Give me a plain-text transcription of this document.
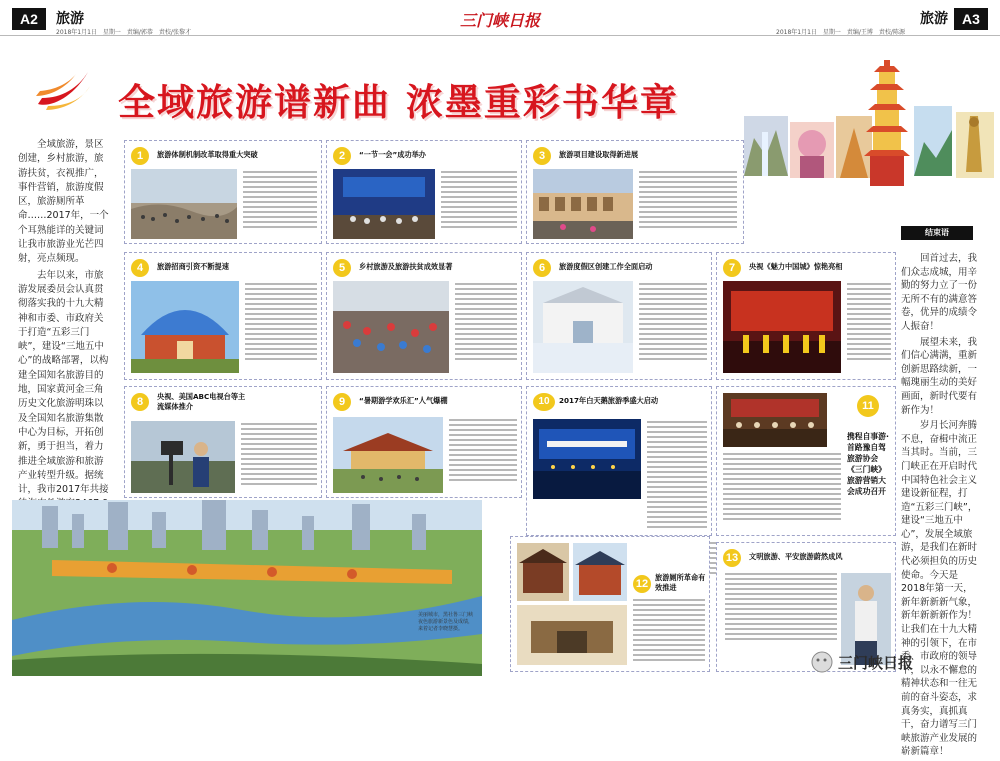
A2	旅游
2018年1月1日　星期一　责编/郭恭　责校/张黎才
三门峡日报
2018年1月1日　星期一　责编/王博　责校/陈源
旅游	A3
全域旅游谱新曲 浓墨重彩书华章

全域旅游，景区创建，乡村旅游，旅游扶贫，衣视推广，事件营销，旅游度假区，旅游厕所革命……2017年，一个个耳熟能详的关键词让我市旅游业光芒四射，亮点频现。

去年以来，市旅游发展委员会认真贯彻落实我的十九大精神和市委、市政府关于打造“五彩三门峡”，建设“三地五中心”的战略部署，以构建全国知名旅游目的地，国家黄河金三角历史文化旅游明珠以及全国知名旅游集散中心为目标，开拓创新，勇于担当，着力推进全域旅游和旅游产业转型升级。据统计，我市2017年共接

结束语

回首过去，我们众志成城，用辛勤的努力立了一份无所不有的满意答卷，优异的成绩令人振奋！

展望未来，我们信心满满，重新创新思路续新，一幅瑰丽生动的美好画面，新时代要有新作为！

岁月长河奔腾不息，奋楫中流正当其时。当前，三门峡正在开启时代中国特色社会主义建设新征程，打造“五彩三门峡”，建设“三地五中心”，发展全域旅游，是我们在新时代必须担负的历史使命。今天是2018年第一天，新年新新新气象，新年新新新作为！让我们在十九大精神的引领下，在市委、市政府的领导下，以永不懈怠的精神状态和一往无前的奋斗姿态，求真务实，真抓真干，奋力谱写三门峡旅游产业发展的崭新篇章！

1	旅游体制机制改革取得重大突破	2	“一节一会”成功举办	3	旅游项目建设取得新进展
4	旅游招商引资不断提速	5	乡村旅游及旅游扶贫成效显著	6	旅游度假区创建工作全面启动	7	央视《魅力中国城》惊艳亮相
8	央视、美国ABC电视台等主流媒体推介	9	“暑期游学欢乐汇”人气爆棚	10	2017年白天鹅旅游季盛大启动	11
携程自事游·首路豫自驾旅游协会《三门峡》旅游营销大会成功召开
12
旅游厕所革命有效推进
13	文明旅游、平安旅游蔚然成风
美丽城市，黑社鲁三门峡夜色旅游新景色及成绩，来着记者李晓慧摄。
三门峡日报
